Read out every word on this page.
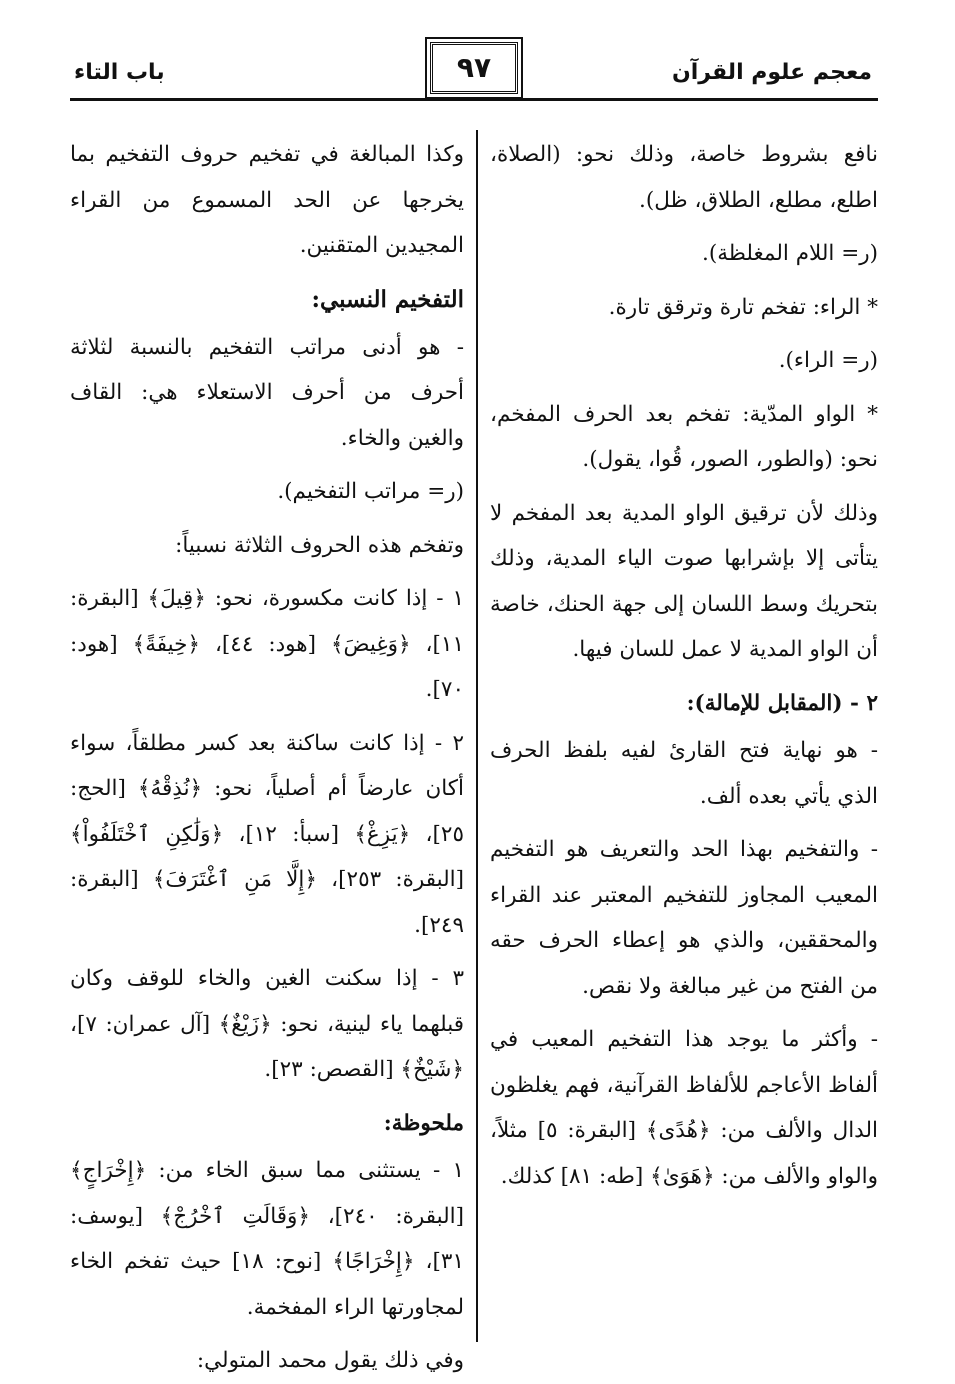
معجم علوم القرآن
٩٧
باب التاء

نافع بشروط خاصة، وذلك نحو: (الصلاة، اطلع، مطلع، الطلاق، ظل).

(ر= اللام المغلظة).

* الراء: تفخم تارة وترقق تارة.

(ر= الراء).

* الواو المدّية: تفخم بعد الحرف المفخم، نحو: (والطور، الصور، قُوا، يقول).

وذلك لأن ترقيق الواو المدية بعد المفخم لا يتأتى إلا بإشرابها صوت الياء المدية، وذلك بتحريك وسط اللسان إلى جهة الحنك، خاصة أن الواو المدية لا عمل للسان فيها.

٢ - (المقابل للإمالة):

- هو نهاية فتح القارئ لفيه بلفظ الحرف الذي يأتي بعده ألف.

- والتفخيم بهذا الحد والتعريف هو التفخيم المعيب المجاوز للتفخيم المعتبر عند القراء والمحققين، والذي هو إعطاء الحرف حقه من الفتح من غير مبالغة ولا نقص.

- وأكثر ما يوجد هذا التفخيم المعيب في ألفاظ الأعاجم للألفاظ القرآنية، فهم يغلظون الدال والألف من: ﴿هُدًى﴾ [البقرة: ٥] مثلاً، والواو والألف من: ﴿هَوَىٰ﴾ [طه: ٨١] كذلك.

وكذا المبالغة في تفخيم حروف التفخيم بما يخرجها عن الحد المسموع من القراء المجيدين المتقنين.

التفخيم النسبي:

- هو أدنى مراتب التفخيم بالنسبة لثلاثة أحرف من أحرف الاستعلاء هي: القاف والغين والخاء.

(ر= مراتب التفخيم).

وتفخم هذه الحروف الثلاثة نسبياً:

١ - إذا كانت مكسورة، نحو: ﴿قِيلَ﴾ [البقرة: ١١]، ﴿وَغِيضَ﴾ [هود: ٤٤]، ﴿خِيفَةً﴾ [هود: ٧٠].

٢ - إذا كانت ساكنة بعد كسر مطلقاً، سواء أكان عارضاً أم أصلياً، نحو: ﴿نُذِقْهُ﴾ [الحج: ٢٥]، ﴿يَزِغْ﴾ [سبأ: ١٢]، ﴿وَلَٰكِنِ ٱخْتَلَفُواْ﴾ [البقرة: ٢٥٣]، ﴿إِلَّا مَنِ ٱغْتَرَفَ﴾ [البقرة: ٢٤٩].

٣ - إذا سكنت الغين والخاء للوقف وكان قبلهما ياء لينية، نحو: ﴿زَيْغٌ﴾ [آل عمران: ٧]، ﴿شَيْخٌ﴾ [القصص: ٢٣].

ملحوظة:

١ - يستثنى مما سبق الخاء من: ﴿إِخْرَاجٍ﴾ [البقرة: ٢٤٠]، ﴿وَقَالَتِ ٱخْرُجْ﴾ [يوسف: ٣١]، ﴿إِخْرَاجًا﴾ [نوح: ١٨] حيث تفخم الخاء لمجاورتها الراء المفخمة.

وفي ذلك يقول محمد المتولي:
